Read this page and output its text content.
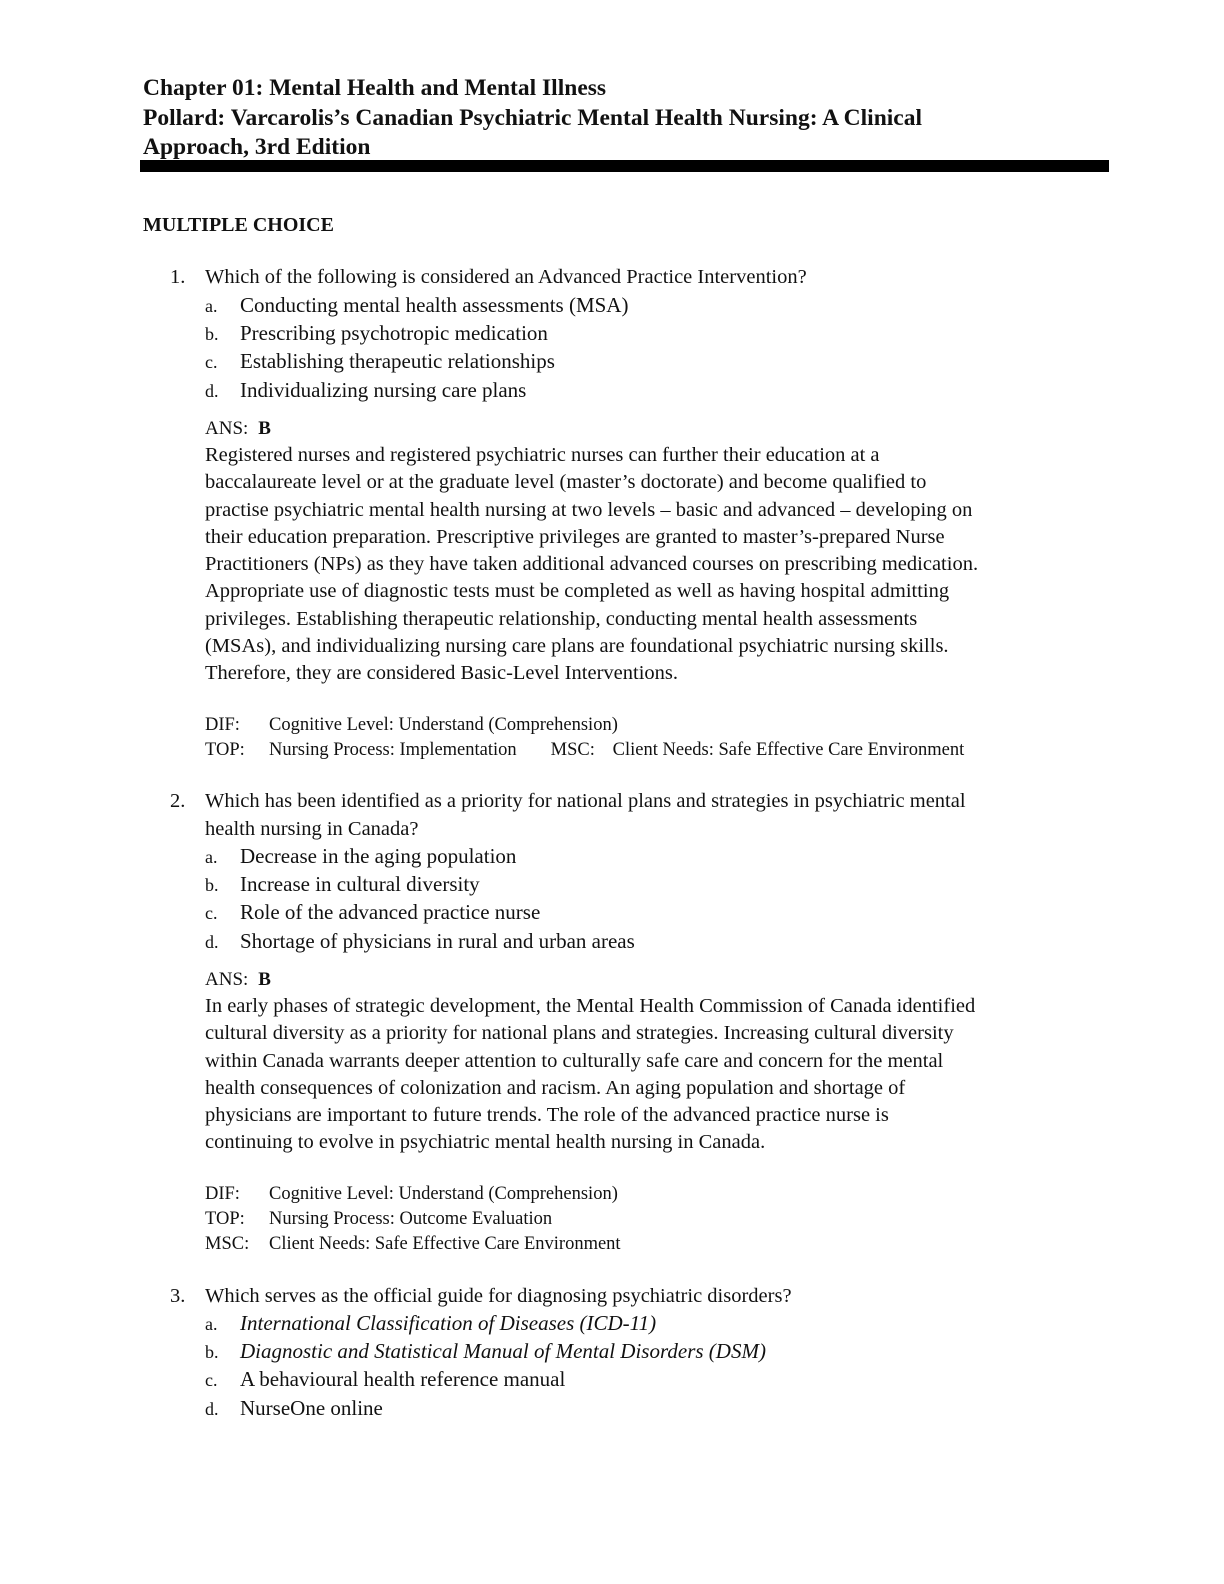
Chapter 01: Mental Health and Mental Illness
Pollard: Varcarolis’s Canadian Psychiatric Mental Health Nursing: A Clinical
Approach, 3rd Edition
MULTIPLE CHOICE
1. Which of the following is considered an Advanced Practice Intervention?
a. Conducting mental health assessments (MSA)
b. Prescribing psychotropic medication
c. Establishing therapeutic relationships
d. Individualizing nursing care plans
ANS: B
Registered nurses and registered psychiatric nurses can further their education at a
baccalaureate level or at the graduate level (master’s doctorate) and become qualified to
practise psychiatric mental health nursing at two levels – basic and advanced – developing on
their education preparation. Prescriptive privileges are granted to master’s-prepared Nurse
Practitioners (NPs) as they have taken additional advanced courses on prescribing medication.
Appropriate use of diagnostic tests must be completed as well as having hospital admitting
privileges. Establishing therapeutic relationship, conducting mental health assessments
(MSAs), and individualizing nursing care plans are foundational psychiatric nursing skills.
Therefore, they are considered Basic-Level Interventions.
DIF: Cognitive Level: Understand (Comprehension)
TOP: Nursing Process: Implementation MSC: Client Needs: Safe Effective Care Environment
2. Which has been identified as a priority for national plans and strategies in psychiatric mental
health nursing in Canada?
a. Decrease in the aging population
b. Increase in cultural diversity
c. Role of the advanced practice nurse
d. Shortage of physicians in rural and urban areas
ANS: B
In early phases of strategic development, the Mental Health Commission of Canada identified
cultural diversity as a priority for national plans and strategies. Increasing cultural diversity
within Canada warrants deeper attention to culturally safe care and concern for the mental
health consequences of colonization and racism. An aging population and shortage of
physicians are important to future trends. The role of the advanced practice nurse is
continuing to evolve in psychiatric mental health nursing in Canada.
DIF: Cognitive Level: Understand (Comprehension)
TOP: Nursing Process: Outcome Evaluation
MSC: Client Needs: Safe Effective Care Environment
3. Which serves as the official guide for diagnosing psychiatric disorders?
a. International Classification of Diseases (ICD-11)
b. Diagnostic and Statistical Manual of Mental Disorders (DSM)
c. A behavioural health reference manual
d. NurseOne online
